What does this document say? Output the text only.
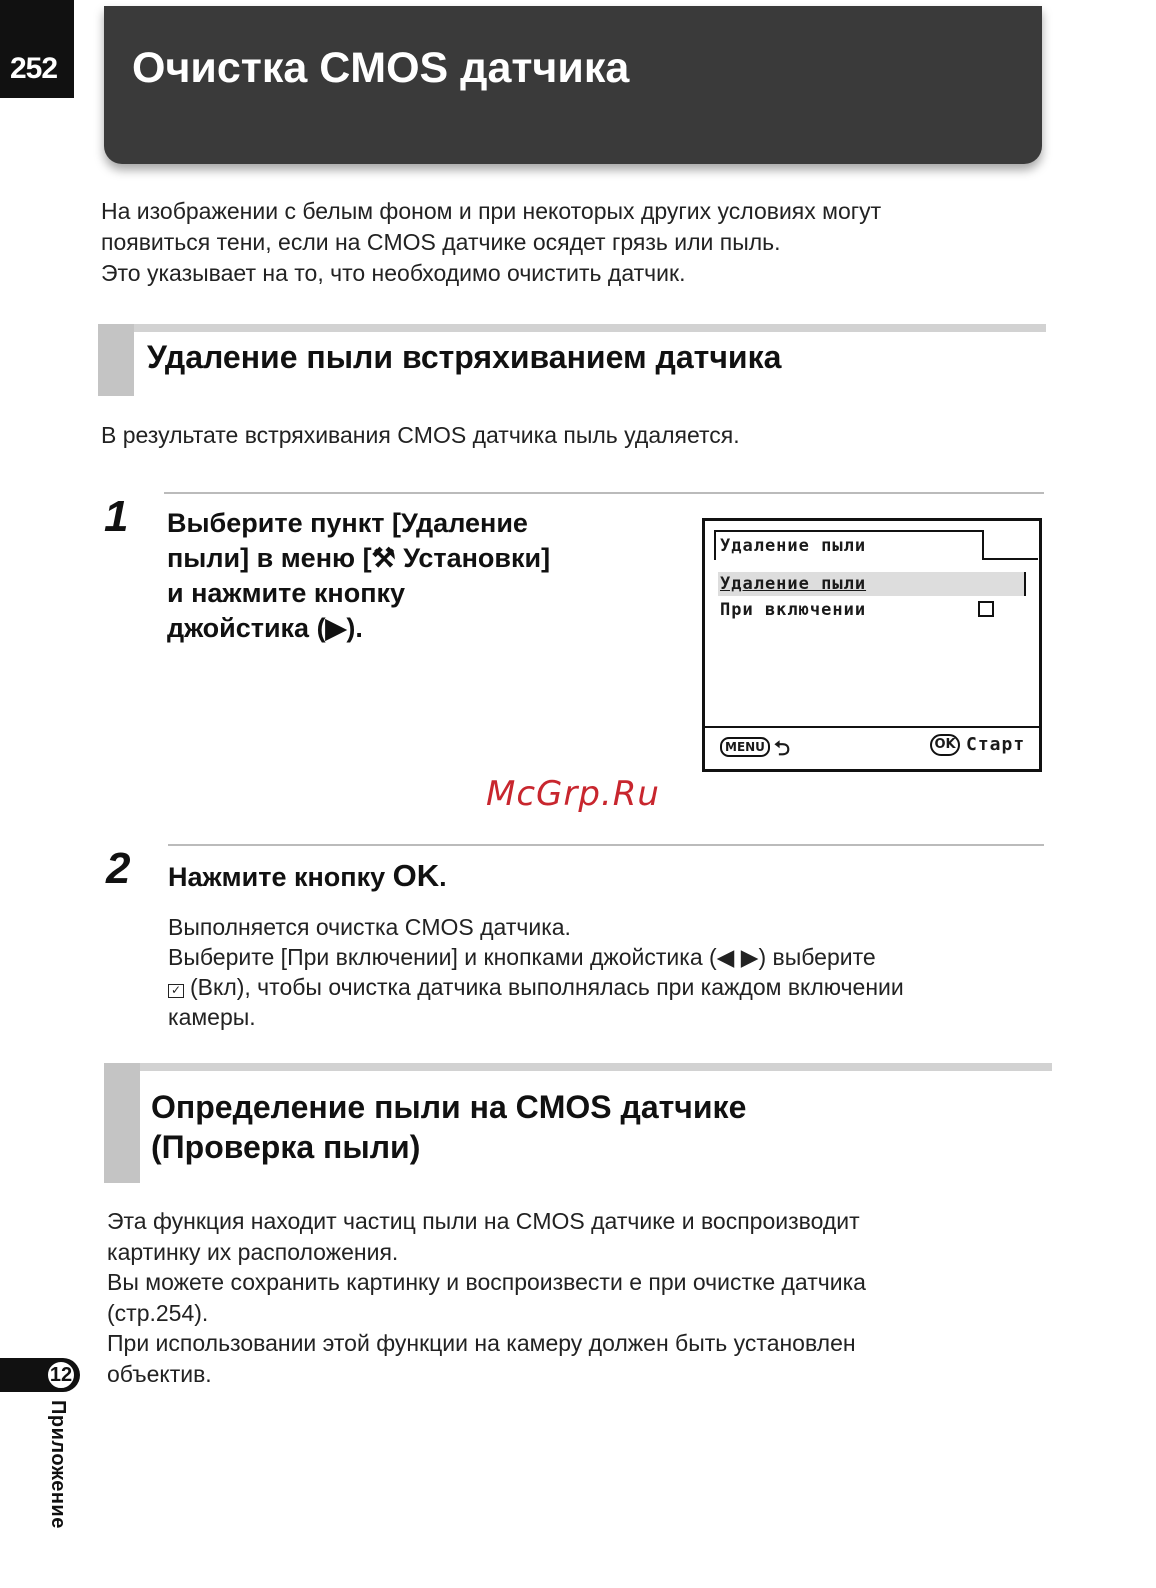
252	Очистка CMOS датчика
На изображении с белым фоном и при некоторых других условиях могут
появиться тени, если на CMOS датчике осядет грязь или пыль.
Это указывает на то, что необходимо очистить датчик.
Удаление пыли встряхиванием датчика
В результате встряхивания CMOS датчика пыль удаляется.
1 Выберите пункт [Удаление
пыли] в меню [⚒ Установки]
и нажмите кнопку
джойстика (▶).
Удаление пыли
Удаление пыли
При включении
MENU ⮌	OK Старт
McGrp.Ru
2 Нажмите кнопку OK.
Выполняется очистка CMOS датчика.
Выберите [При включении] и кнопками джойстика (◀ ▶) выберите
✓ (Вкл), чтобы очистка датчика выполнялась при каждом включении
камеры.
Определение пыли на CMOS датчике
(Проверка пыли)
Эта функция находит частиц пыли на CMOS датчике и воспроизводит
картинку их расположения.
Вы можете сохранить картинку и воспроизвести е при очистке датчика
(стр.254).
При использовании этой функции на камеру должен быть установлен
объектив.
12
Приложение
